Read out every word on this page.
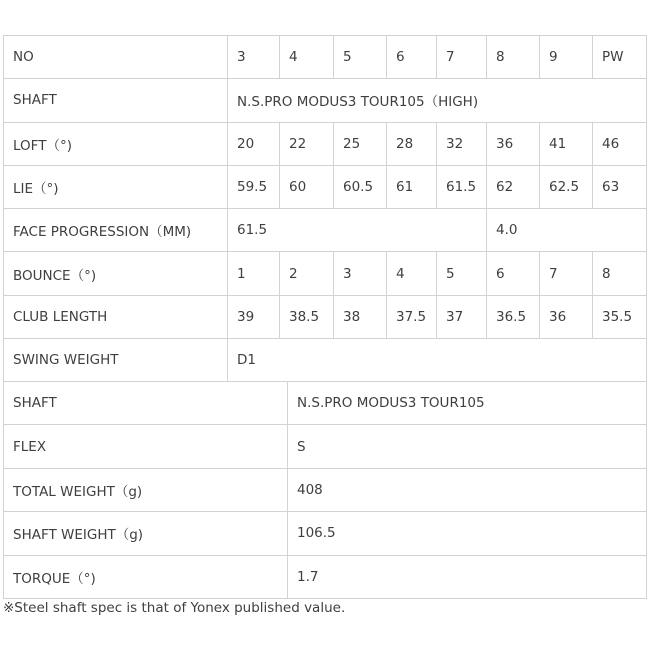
NO	3	4	5	6	7	8	9	PW
SHAFT	N.S.PRO MODUS3 TOUR105（HIGH)							
LOFT（°)	20	22	25	28	32	36	41	46
LIE（°)	59.5	60	60.5	61	61.5	62	62.5	63
FACE PROGRESSION（MM)	61.5					4.0		
BOUNCE（°)	1	2	3	4	5	6	7	8
CLUB LENGTH	39	38.5	38	37.5	37	36.5	36	35.5
SWING WEIGHT	D1							
SHAFT	N.S.PRO MODUS3 TOUR105
FLEX	S
TOTAL WEIGHT（g)	408
SHAFT WEIGHT（g)	106.5
TORQUE（°)	1.7
※Steel shaft spec is that of Yonex published value.
